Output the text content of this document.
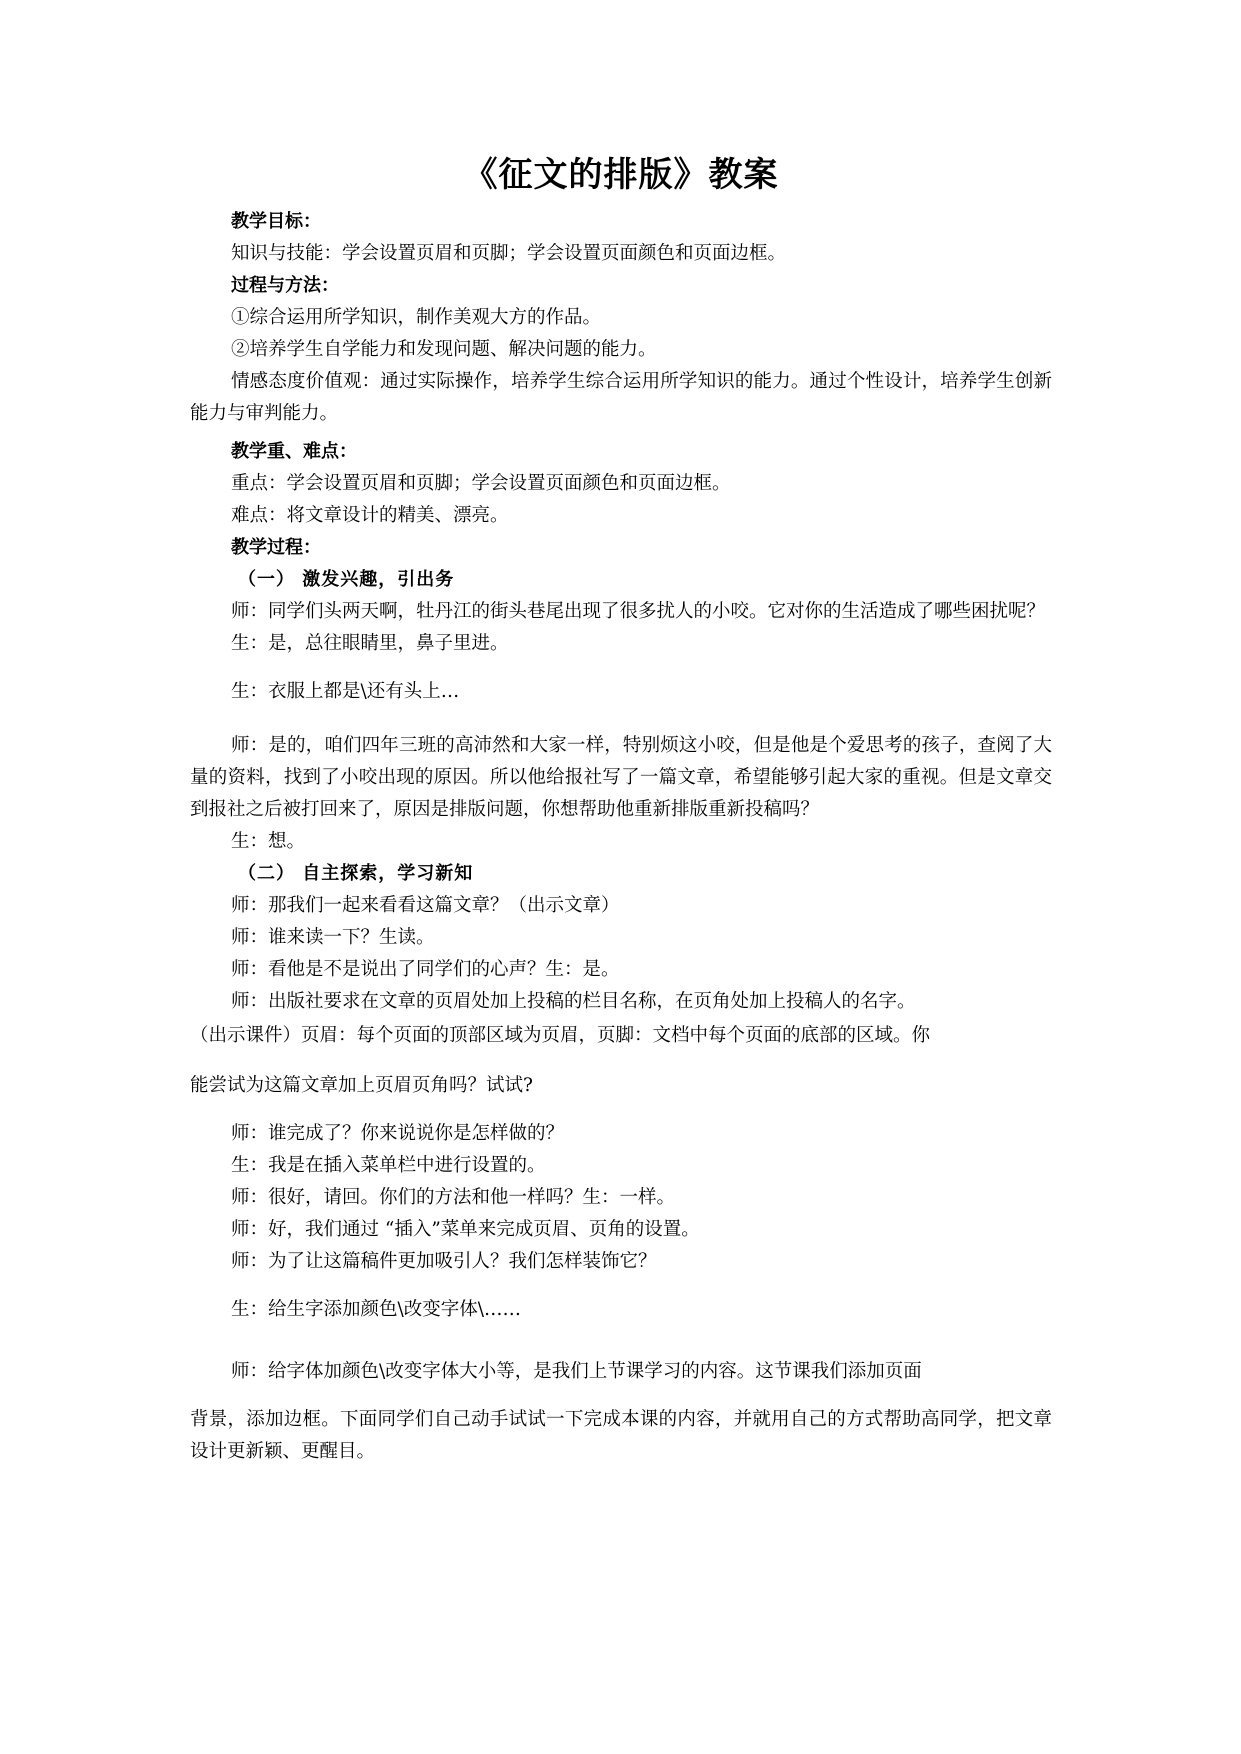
《征文的排版》教案

教学目标：

知识与技能：学会设置页眉和页脚；学会设置页面颜色和页面边框。

过程与方法：

①综合运用所学知识，制作美观大方的作品。

②培养学生自学能力和发现问题、解决问题的能力。

情感态度价值观：通过实际操作，培养学生综合运用所学知识的能力。通过个性设计，培养学生创新能力与审判能力。

教学重、难点：

重点：学会设置页眉和页脚；学会设置页面颜色和页面边框。

难点：将文章设计的精美、漂亮。

教学过程：

（一） 激发兴趣，引出务

师：同学们头两天啊，牡丹江的街头巷尾出现了很多扰人的小咬。它对你的生活造成了哪些困扰呢？

生：是，总往眼睛里，鼻子里进。

生：衣服上都是\还有头上…

师：是的，咱们四年三班的高沛然和大家一样，特别烦这小咬，但是他是个爱思考的孩子，查阅了大量的资料，找到了小咬出现的原因。所以他给报社写了一篇文章，希望能够引起大家的重视。但是文章交到报社之后被打回来了，原因是排版问题，你想帮助他重新排版重新投稿吗？

生：想。

（二） 自主探索，学习新知

师：那我们一起来看看这篇文章？（出示文章）

师：谁来读一下？生读。

师：看他是不是说出了同学们的心声？生：是。

师：出版社要求在文章的页眉处加上投稿的栏目名称，在页角处加上投稿人的名字。

（出示课件）页眉：每个页面的顶部区域为页眉，页脚：文档中每个页面的底部的区域。你

能尝试为这篇文章加上页眉页角吗？试试?

师：谁完成了？你来说说你是怎样做的？

生：我是在插入菜单栏中进行设置的。

师：很好，请回。你们的方法和他一样吗？生：一样。

师：好，我们通过 “插入”菜单来完成页眉、页角的设置。

师：为了让这篇稿件更加吸引人？我们怎样装饰它？

生：给生字添加颜色\改变字体\……

师：给字体加颜色\改变字体大小等，是我们上节课学习的内容。这节课我们添加页面

背景，添加边框。下面同学们自己动手试试一下完成本课的内容，并就用自己的方式帮助高同学，把文章设计更新颖、更醒目。
